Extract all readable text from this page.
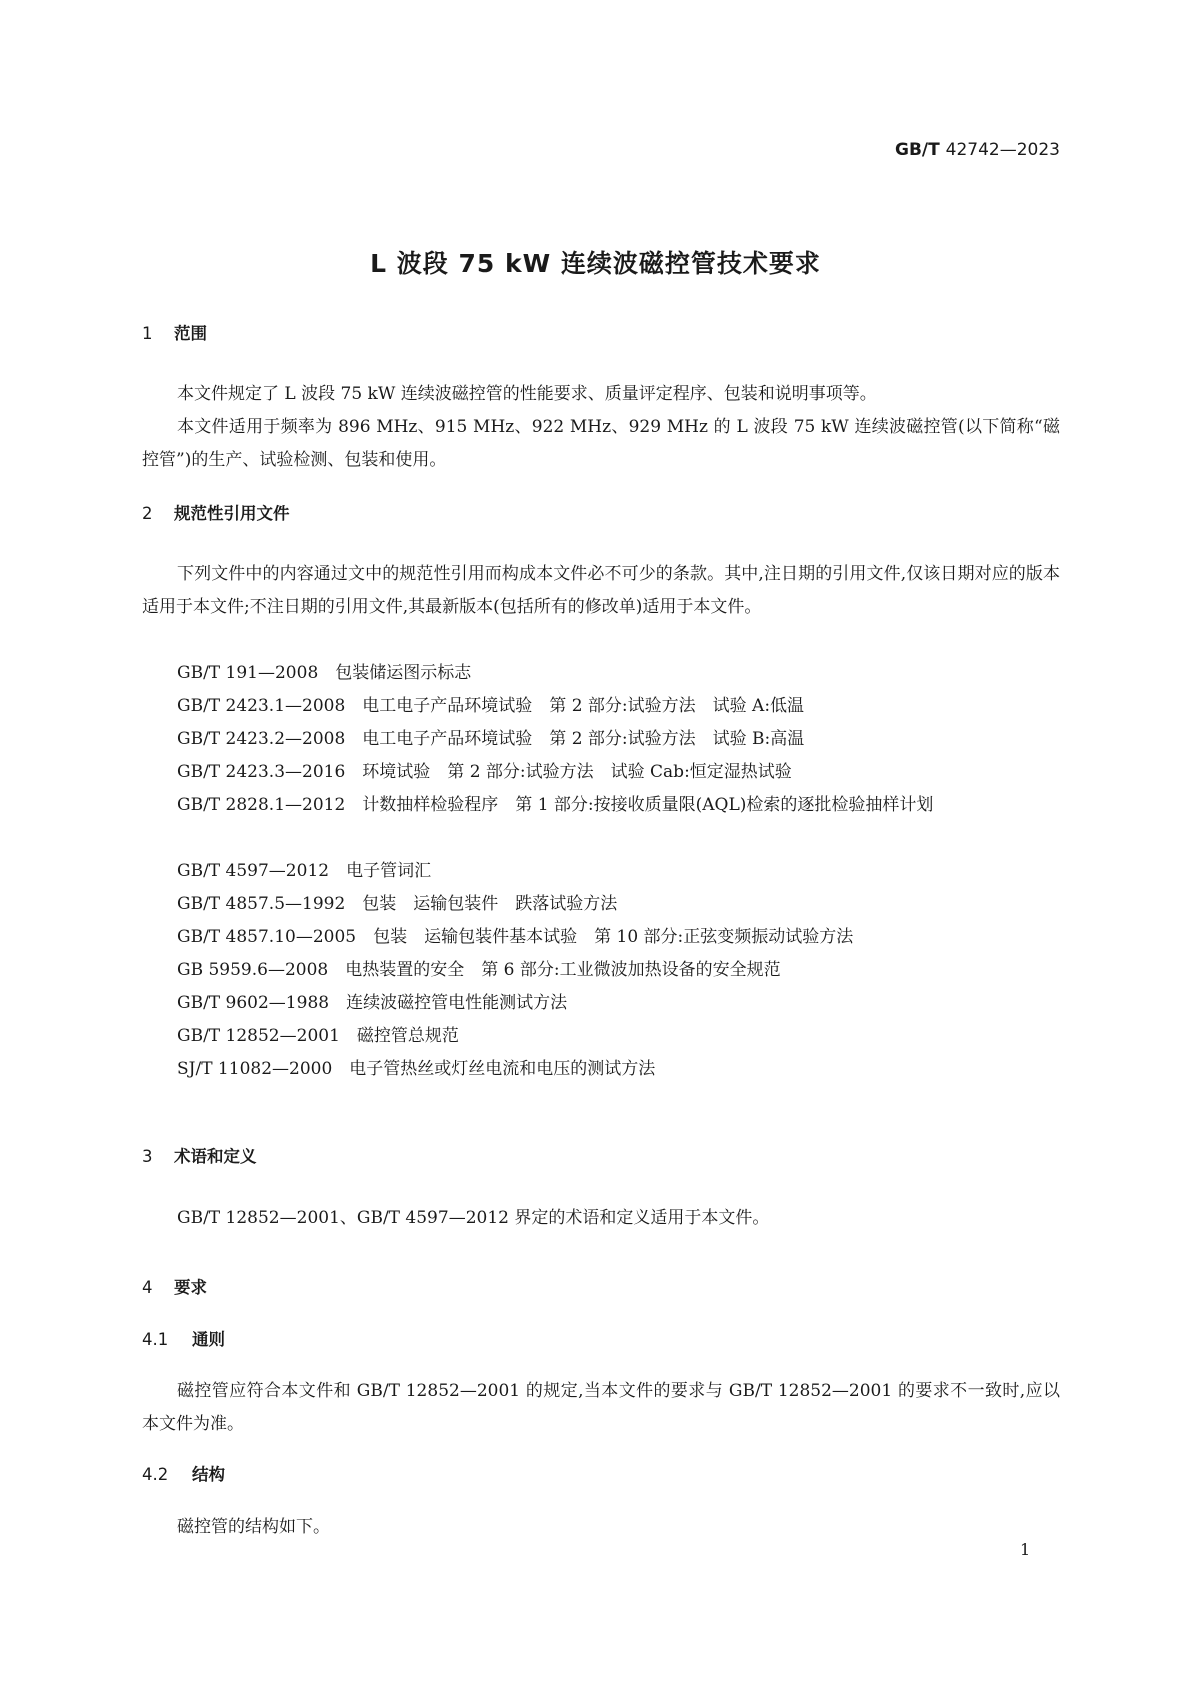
GB/T 42742—2023
L 波段 75 kW 连续波磁控管技术要求
1 范围

本文件规定了 L 波段 75 kW 连续波磁控管的性能要求、质量评定程序、包装和说明事项等。

本文件适用于频率为 896 MHz、915 MHz、922 MHz、929 MHz 的 L 波段 75 kW 连续波磁控管(以下简称“磁控管”)的生产、试验检测、包装和使用。

2 规范性引用文件

下列文件中的内容通过文中的规范性引用而构成本文件必不可少的条款。其中,注日期的引用文件,仅该日期对应的版本适用于本文件;不注日期的引用文件,其最新版本(包括所有的修改单)适用于本文件。

GB/T 191—2008　包装储运图示标志

GB/T 2423.1—2008　电工电子产品环境试验　第 2 部分:试验方法　试验 A:低温

GB/T 2423.2—2008　电工电子产品环境试验　第 2 部分:试验方法　试验 B:高温

GB/T 2423.3—2016　环境试验　第 2 部分:试验方法　试验 Cab:恒定湿热试验

GB/T 2828.1—2012　计数抽样检验程序　第 1 部分:按接收质量限(AQL)检索的逐批检验抽样计划

GB/T 4597—2012　电子管词汇

GB/T 4857.5—1992　包装　运输包装件　跌落试验方法

GB/T 4857.10—2005　包装　运输包装件基本试验　第 10 部分:正弦变频振动试验方法

GB 5959.6—2008　电热装置的安全　第 6 部分:工业微波加热设备的安全规范

GB/T 9602—1988　连续波磁控管电性能测试方法

GB/T 12852—2001　磁控管总规范

SJ/T 11082—2000　电子管热丝或灯丝电流和电压的测试方法

3 术语和定义

GB/T 12852—2001、GB/T 4597—2012 界定的术语和定义适用于本文件。

4 要求
4.1 通则

磁控管应符合本文件和 GB/T 12852—2001 的规定,当本文件的要求与 GB/T 12852—2001 的要求不一致时,应以本文件为准。

4.2 结构

磁控管的结构如下。

1
